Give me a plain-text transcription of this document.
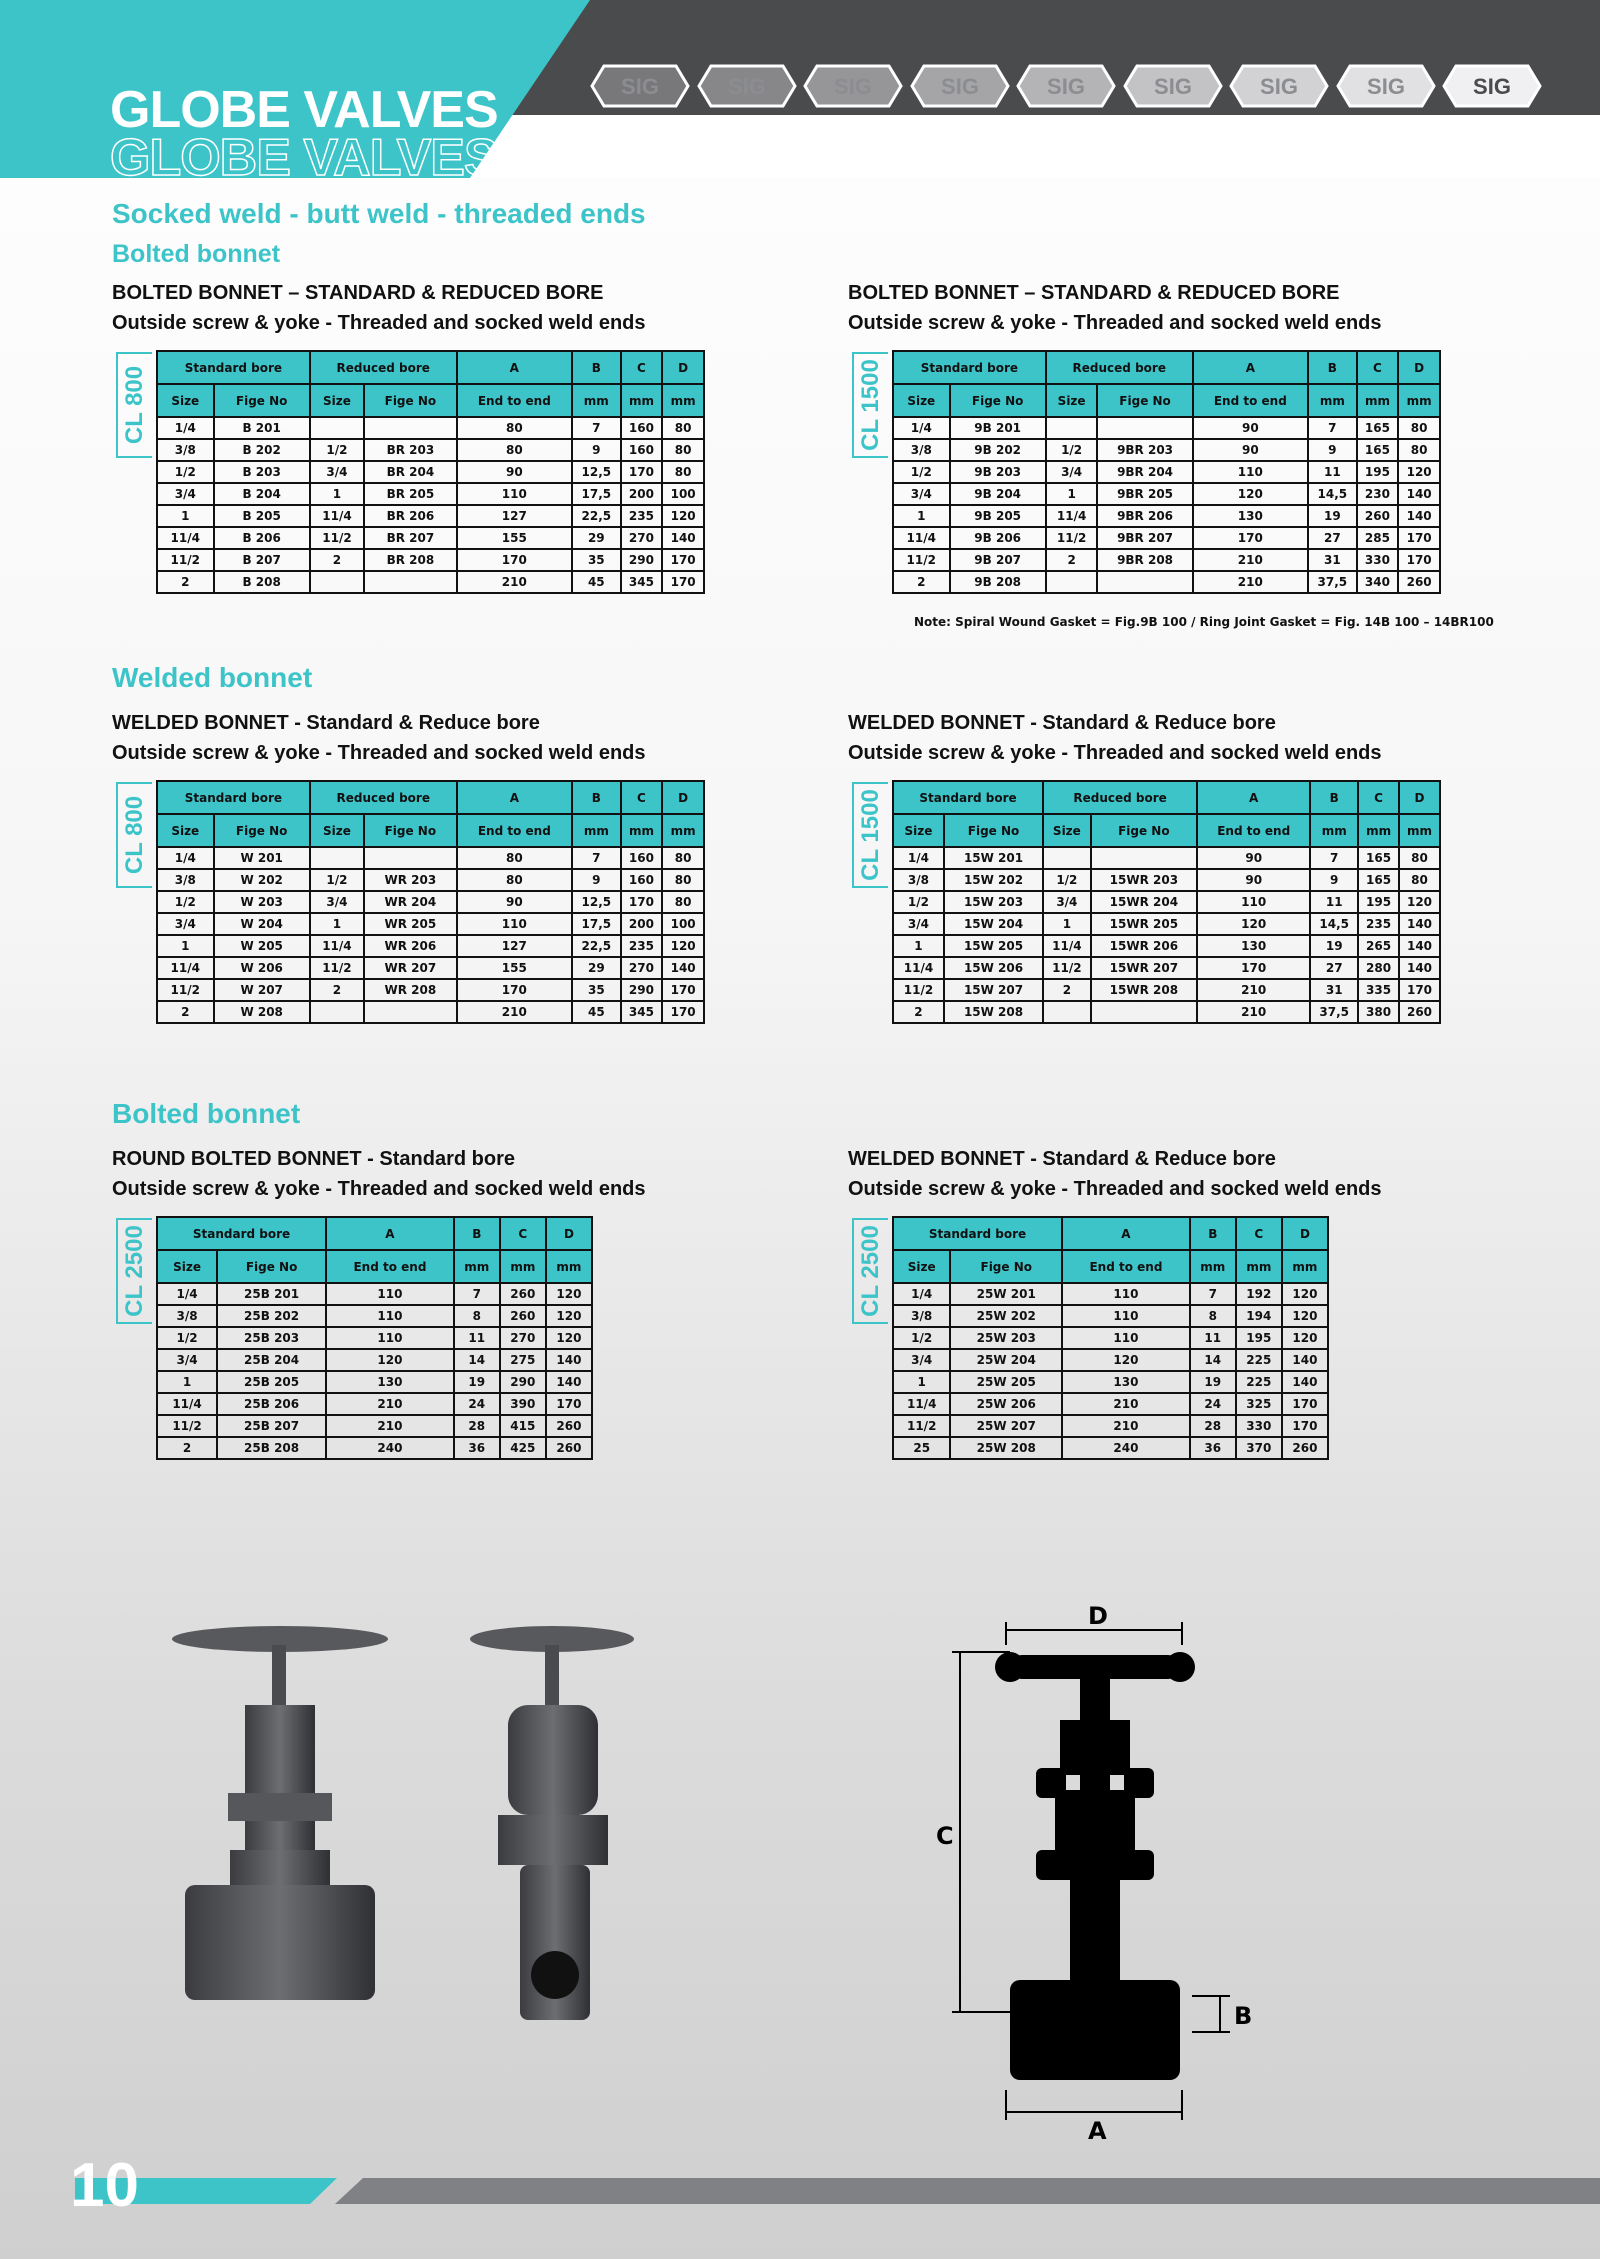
GLOBE VALVES
GLOBE VALVES
SIG	SIG	SIG	SIG	SIG	SIG	SIG	SIG	SIG
Socked weld - butt weld - threaded ends
Bolted bonnet
Welded bonnet
Bolted bonnet
BOLTED BONNET – STANDARD & REDUCED BORE
Outside screw & yoke - Threaded and socked weld ends
BOLTED BONNET – STANDARD & REDUCED BORE
Outside screw & yoke - Threaded and socked weld ends
WELDED BONNET - Standard & Reduce bore
Outside screw & yoke - Threaded and socked weld ends
WELDED BONNET - Standard & Reduce bore
Outside screw & yoke - Threaded and socked weld ends
ROUND BOLTED BONNET - Standard bore
Outside screw & yoke - Threaded and socked weld ends
WELDED BONNET - Standard & Reduce bore
Outside screw & yoke - Threaded and socked weld ends
CL 800	CL 1500
CL 800	CL 1500
CL 2500	CL 2500
Standard bore		Reduced bore		A	B	C	D
Size	Fige No	Size	Fige No	End to end	mm	mm	mm
1/4	B 201			80	7	160	80
3/8	B 202	1/2	BR 203	80	9	160	80
1/2	B 203	3/4	BR 204	90	12,5	170	80
3/4	B 204	1	BR 205	110	17,5	200	100
1	B 205	11/4	BR 206	127	22,5	235	120
11/4	B 206	11/2	BR 207	155	29	270	140
11/2	B 207	2	BR 208	170	35	290	170
2	B 208			210	45	345	170
Standard bore		Reduced bore		A	B	C	D
Size	Fige No	Size	Fige No	End to end	mm	mm	mm
1/4	9B 201			90	7	165	80
3/8	9B 202	1/2	9BR 203	90	9	165	80
1/2	9B 203	3/4	9BR 204	110	11	195	120
3/4	9B 204	1	9BR 205	120	14,5	230	140
1	9B 205	11/4	9BR 206	130	19	260	140
11/4	9B 206	11/2	9BR 207	170	27	285	170
11/2	9B 207	2	9BR 208	210	31	330	170
2	9B 208			210	37,5	340	260
Standard bore		Reduced bore		A	B	C	D
Size	Fige No	Size	Fige No	End to end	mm	mm	mm
1/4	W 201			80	7	160	80
3/8	W 202	1/2	WR 203	80	9	160	80
1/2	W 203	3/4	WR 204	90	12,5	170	80
3/4	W 204	1	WR 205	110	17,5	200	100
1	W 205	11/4	WR 206	127	22,5	235	120
11/4	W 206	11/2	WR 207	155	29	270	140
11/2	W 207	2	WR 208	170	35	290	170
2	W 208			210	45	345	170
Standard bore		Reduced bore		A	B	C	D
Size	Fige No	Size	Fige No	End to end	mm	mm	mm
1/4	15W 201			90	7	165	80
3/8	15W 202	1/2	15WR 203	90	9	165	80
1/2	15W 203	3/4	15WR 204	110	11	195	120
3/4	15W 204	1	15WR 205	120	14,5	235	140
1	15W 205	11/4	15WR 206	130	19	265	140
11/4	15W 206	11/2	15WR 207	170	27	280	140
11/2	15W 207	2	15WR 208	210	31	335	170
2	15W 208			210	37,5	380	260
Standard bore		A	B	C	D
Size	Fige No	End to end	mm	mm	mm
1/4	25B 201	110	7	260	120
3/8	25B 202	110	8	260	120
1/2	25B 203	110	11	270	120
3/4	25B 204	120	14	275	140
1	25B 205	130	19	290	140
11/4	25B 206	210	24	390	170
11/2	25B 207	210	28	415	260
2	25B 208	240	36	425	260
Standard bore		A	B	C	D
Size	Fige No	End to end	mm	mm	mm
1/4	25W 201	110	7	192	120
3/8	25W 202	110	8	194	120
1/2	25W 203	110	11	195	120
3/4	25W 204	120	14	225	140
1	25W 205	130	19	225	140
11/4	25W 206	210	24	325	170
11/2	25W 207	210	28	330	170
25	25W 208	240	36	370	260
Note: Spiral Wound Gasket = Fig.9B 100 / Ring Joint Gasket = Fig. 14B 100 – 14BR100
D
C
A
B
10
